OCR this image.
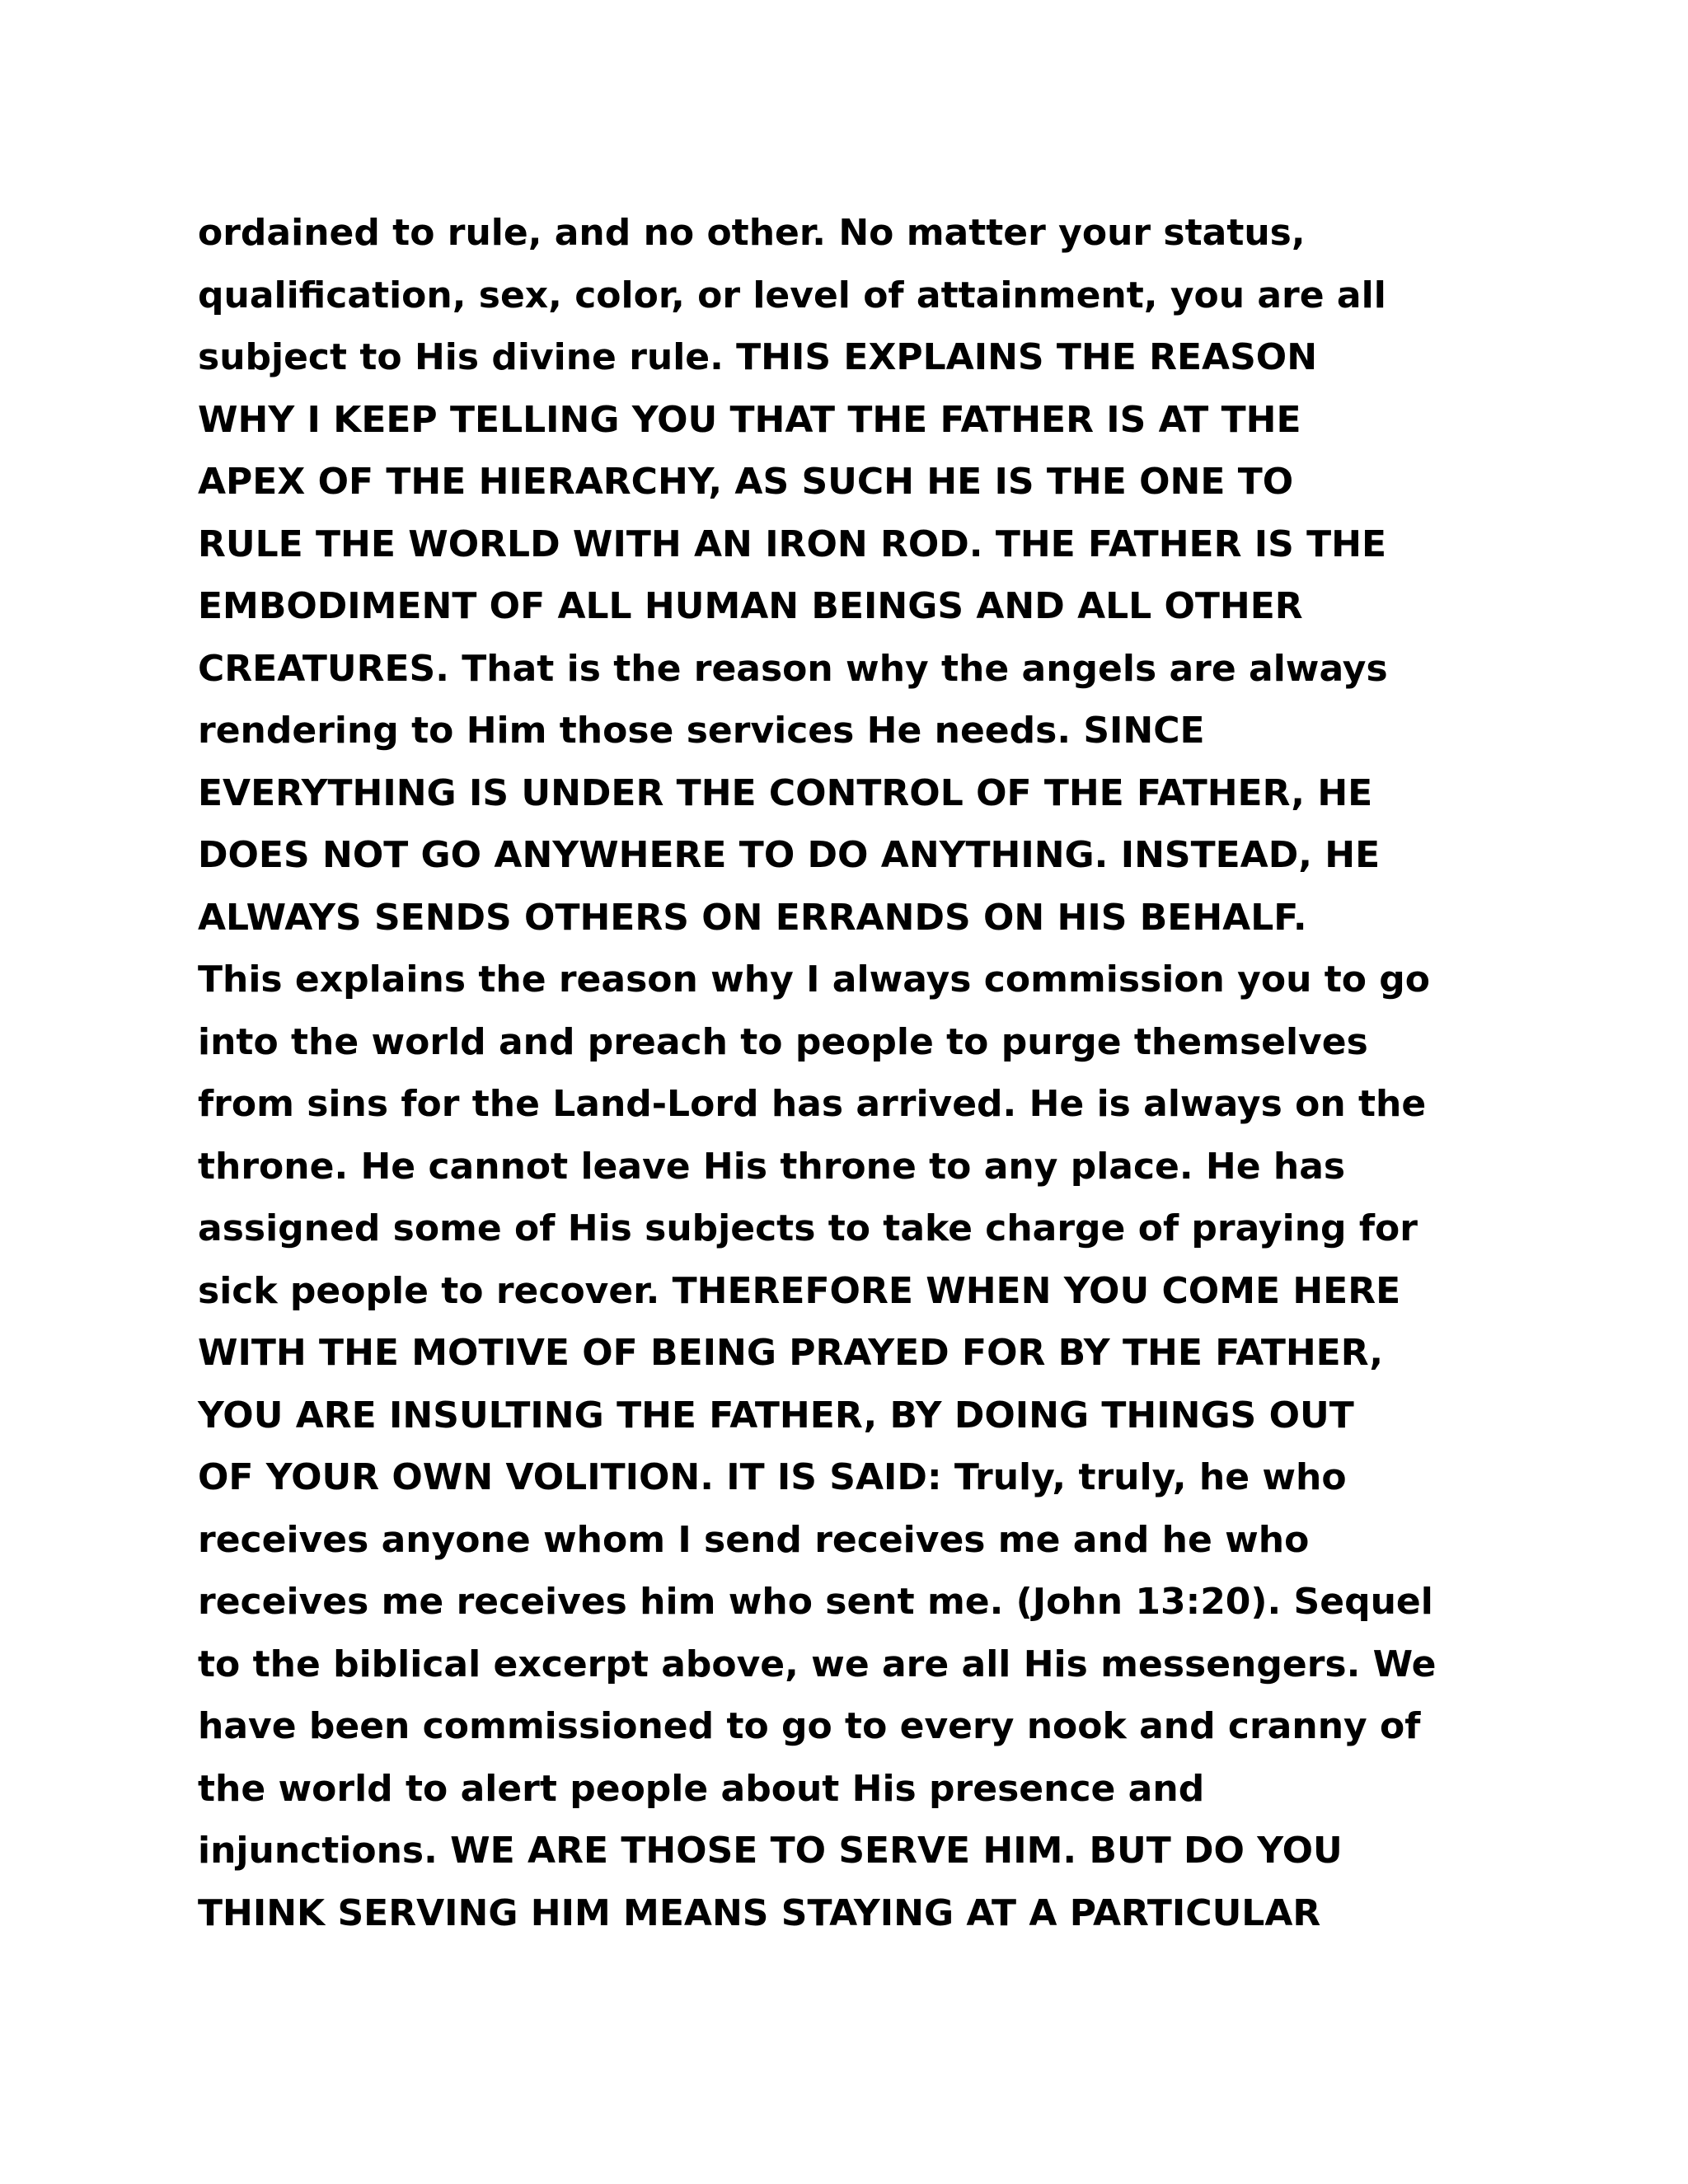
ordained to rule, and no other. No matter your status,
qualification, sex, color, or level of attainment, you are all
subject to His divine rule. THIS EXPLAINS THE REASON
WHY I KEEP TELLING YOU THAT THE FATHER IS AT THE
APEX OF THE HIERARCHY, AS SUCH HE IS THE ONE TO
RULE THE WORLD WITH AN IRON ROD. THE FATHER IS THE
EMBODIMENT OF ALL HUMAN BEINGS AND ALL OTHER
CREATURES. That is the reason why the angels are always
rendering to Him those services He needs. SINCE
EVERYTHING IS UNDER THE CONTROL OF THE FATHER, HE
DOES NOT GO ANYWHERE TO DO ANYTHING. INSTEAD, HE
ALWAYS SENDS OTHERS ON ERRANDS ON HIS BEHALF.
This explains the reason why I always commission you to go
into the world and preach to people to purge themselves
from sins for the Land-Lord has arrived. He is always on the
throne. He cannot leave His throne to any place. He has
assigned some of His subjects to take charge of praying for
sick people to recover. THEREFORE WHEN YOU COME HERE
WITH THE MOTIVE OF BEING PRAYED FOR BY THE FATHER,
YOU ARE INSULTING THE FATHER, BY DOING THINGS OUT
OF YOUR OWN VOLITION. IT IS SAID: Truly, truly, he who
receives anyone whom I send receives me and he who
receives me receives him who sent me. (John 13:20). Sequel
to the biblical excerpt above, we are all His messengers. We
have been commissioned to go to every nook and cranny of
the world to alert people about His presence and
injunctions. WE ARE THOSE TO SERVE HIM. BUT DO YOU
THINK SERVING HIM MEANS STAYING AT A PARTICULAR
